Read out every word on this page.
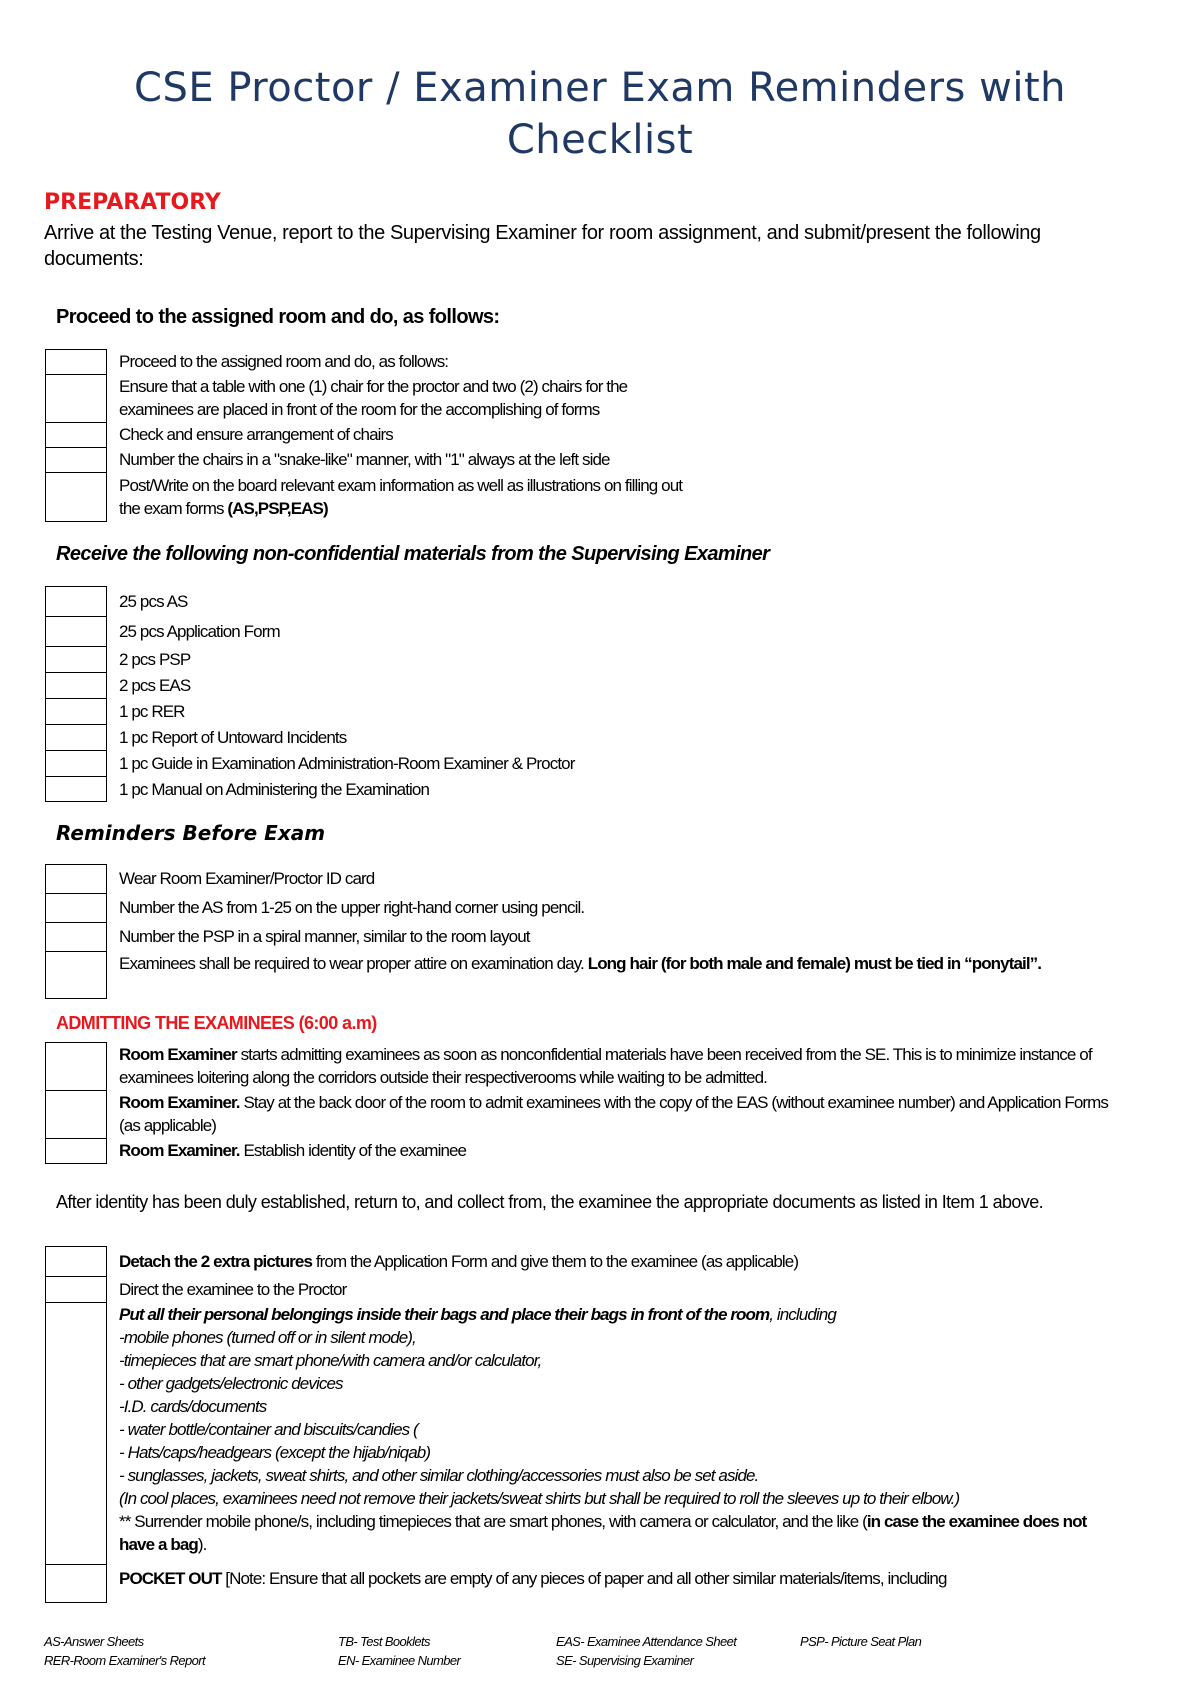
CSE Proctor / Examiner Exam Reminders with Checklist
PREPARATORY
Arrive at the Testing Venue, report to the Supervising Examiner for room assignment, and submit/present the following documents:
Proceed to the assigned room and do, as follows:
Proceed to the assigned room and do, as follows:
Ensure that a table with one (1) chair for the proctor and two (2) chairs for the examinees are placed in front of the room for the accomplishing of forms
Check and ensure arrangement of chairs
Number the chairs in a "snake-like" manner, with "1" always at the left side
Post/Write on the board relevant exam information as well as illustrations on filling out the exam forms (AS,PSP,EAS)
Receive the following non-confidential materials from the Supervising Examiner
25 pcs AS
25 pcs Application Form
2 pcs PSP
2 pcs EAS
1 pc RER
1 pc Report of Untoward Incidents
1 pc Guide in Examination Administration-Room Examiner & Proctor
1 pc Manual on Administering the Examination
Reminders Before Exam
Wear Room Examiner/Proctor ID card
Number the AS from 1-25 on the upper right-hand corner using pencil.
Number the PSP in a spiral manner, similar to the room layout
Examinees shall be required to wear proper attire on examination day. Long hair (for both male and female) must be tied in “ponytail”.
ADMITTING THE EXAMINEES (6:00 a.m)
Room Examiner starts admitting examinees as soon as nonconfidential materials have been received from the SE. This is to minimize instance of examinees loitering along the corridors outside their respectiverooms while waiting to be admitted.
Room Examiner. Stay at the back door of the room to admit examinees with the copy of the EAS (without examinee number) and Application Forms (as applicable)
Room Examiner. Establish identity of the examinee
After identity has been duly established, return to, and collect from, the examinee the appropriate documents as listed in Item 1 above.
Detach the 2 extra pictures from the Application Form and give them to the examinee (as applicable)
Direct the examinee to the Proctor
Put all their personal belongings inside their bags and place their bags in front of the room, including
-mobile phones (turned off or in silent mode),
-timepieces that are smart phone/with camera and/or calculator,
- other gadgets/electronic devices
-I.D. cards/documents
- water bottle/container and biscuits/candies (
- Hats/caps/headgears (except the hijab/niqab)
- sunglasses, jackets, sweat shirts, and other similar clothing/accessories must also be set aside.
(In cool places, examinees need not remove their jackets/sweat shirts but shall be required to roll the sleeves up to their elbow.)
** Surrender mobile phone/s, including timepieces that are smart phones, with camera or calculator, and the like (in case the examinee does not have a bag).
POCKET OUT [Note: Ensure that all pockets are empty of any pieces of paper and all other similar materials/items, including
AS-Answer Sheets
RER-Room Examiner's Report
TB- Test Booklets
EN- Examinee Number
EAS- Examinee Attendance Sheet
SE- Supervising Examiner
PSP- Picture Seat Plan
